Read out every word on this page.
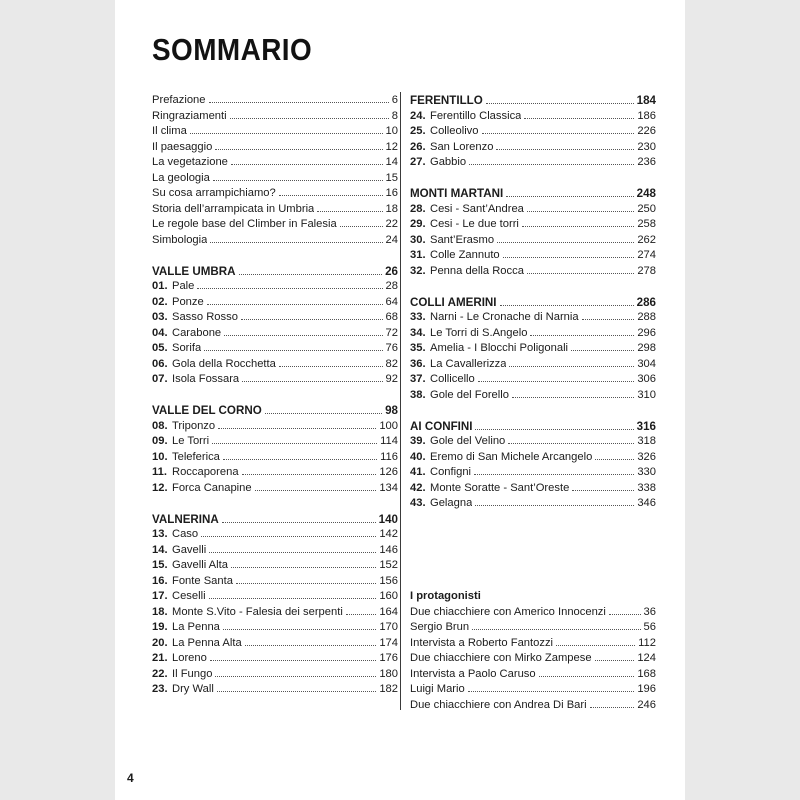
SOMMARIO
Prefazione	6
Ringraziamenti	8
Il clima	10
Il paesaggio	12
La vegetazione	14
La geologia	15
Su cosa arrampichiamo?	16
Storia dell’arrampicata in Umbria	18
Le regole base del Climber in Falesia	22
Simbologia	24
VALLE UMBRA	26
01. Pale	28
02. Ponze	64
03. Sasso Rosso	68
04. Carabone	72
05. Sorifa	76
06. Gola della Rocchetta	82
07. Isola Fossara	92
VALLE DEL CORNO	98
08. Triponzo	100
09. Le Torri	114
10. Teleferica	116
11. Roccaporena	126
12. Forca Canapine	134
VALNERINA	140
13. Caso	142
14. Gavelli	146
15. Gavelli Alta	152
16. Fonte Santa	156
17. Ceselli	160
18. Monte S.Vito - Falesia dei serpenti	164
19. La Penna	170
20. La Penna Alta	174
21. Loreno	176
22. Il Fungo	180
23. Dry Wall	182
FERENTILLO	184
24. Ferentillo Classica	186
25. Colleolivo	226
26. San Lorenzo	230
27. Gabbio	236
MONTI MARTANI	248
28. Cesi - Sant’Andrea	250
29. Cesi - Le due torri	258
30. Sant’Erasmo	262
31. Colle Zannuto	274
32. Penna della Rocca	278
COLLI AMERINI	286
33. Narni - Le Cronache di Narnia	288
34. Le Torri di S.Angelo	296
35. Amelia - I Blocchi Poligonali	298
36. La Cavallerizza	304
37. Collicello	306
38. Gole del Forello	310
AI CONFINI	316
39. Gole del Velino	318
40. Eremo di San Michele Arcangelo	326
41. Configni	330
42. Monte Soratte - Sant’Oreste	338
43. Gelagna	346
I protagonisti
Due chiacchiere con Americo Innocenzi	36
Sergio Brun	56
Intervista a Roberto Fantozzi	112
Due chiacchiere con Mirko Zampese	124
Intervista a Paolo Caruso	168
Luigi Mario	196
Due chiacchiere con Andrea Di Bari	246
4
